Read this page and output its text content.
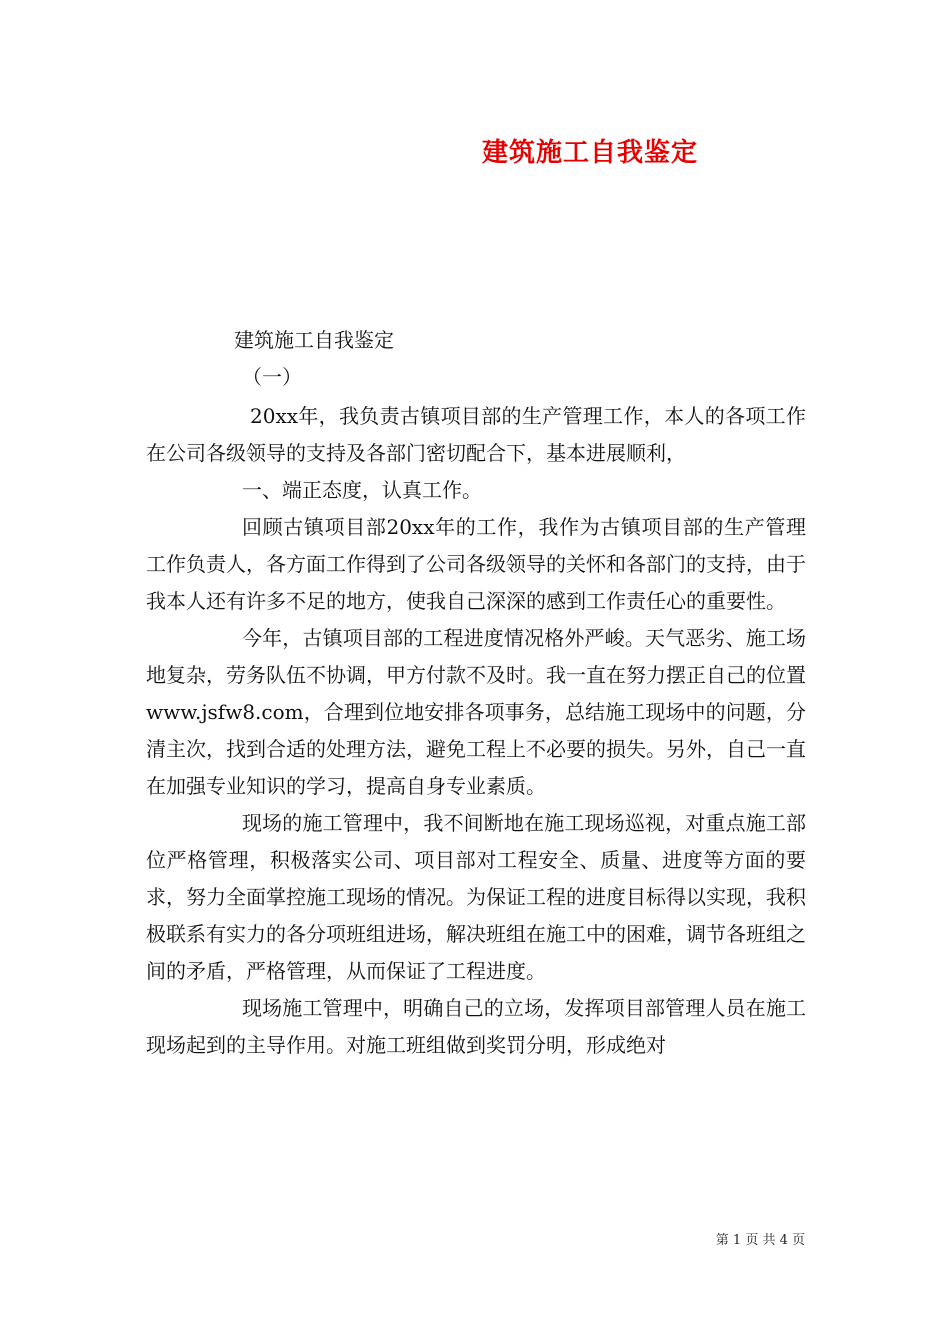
建筑施工自我鉴定
建筑施工自我鉴定
（一）

20xx年，我负责古镇项目部的生产管理工作，本人的各项工作在公司各级领导的支持及各部门密切配合下，基本进展顺利，

一、端正态度，认真工作。

回顾古镇项目部20xx年的工作，我作为古镇项目部的生产管理工作负责人，各方面工作得到了公司各级领导的关怀和各部门的支持，由于我本人还有许多不足的地方，使我自己深深的感到工作责任心的重要性。

今年，古镇项目部的工程进度情况格外严峻。天气恶劣、施工场地复杂，劳务队伍不协调，甲方付款不及时。我一直在努力摆正自己的位置www.jsfw8.com，合理到位地安排各项事务，总结施工现场中的问题，分清主次，找到合适的处理方法，避免工程上不必要的损失。另外，自己一直在加强专业知识的学习，提高自身专业素质。

现场的施工管理中，我不间断地在施工现场巡视，对重点施工部位严格管理，积极落实公司、项目部对工程安全、质量、进度等方面的要求，努力全面掌控施工现场的情况。为保证工程的进度目标得以实现，我积极联系有实力的各分项班组进场，解决班组在施工中的困难，调节各班组之间的矛盾，严格管理，从而保证了工程进度。

现场施工管理中，明确自己的立场，发挥项目部管理人员在施工现场起到的主导作用。对施工班组做到奖罚分明，形成绝对

第 1 页 共 4 页
